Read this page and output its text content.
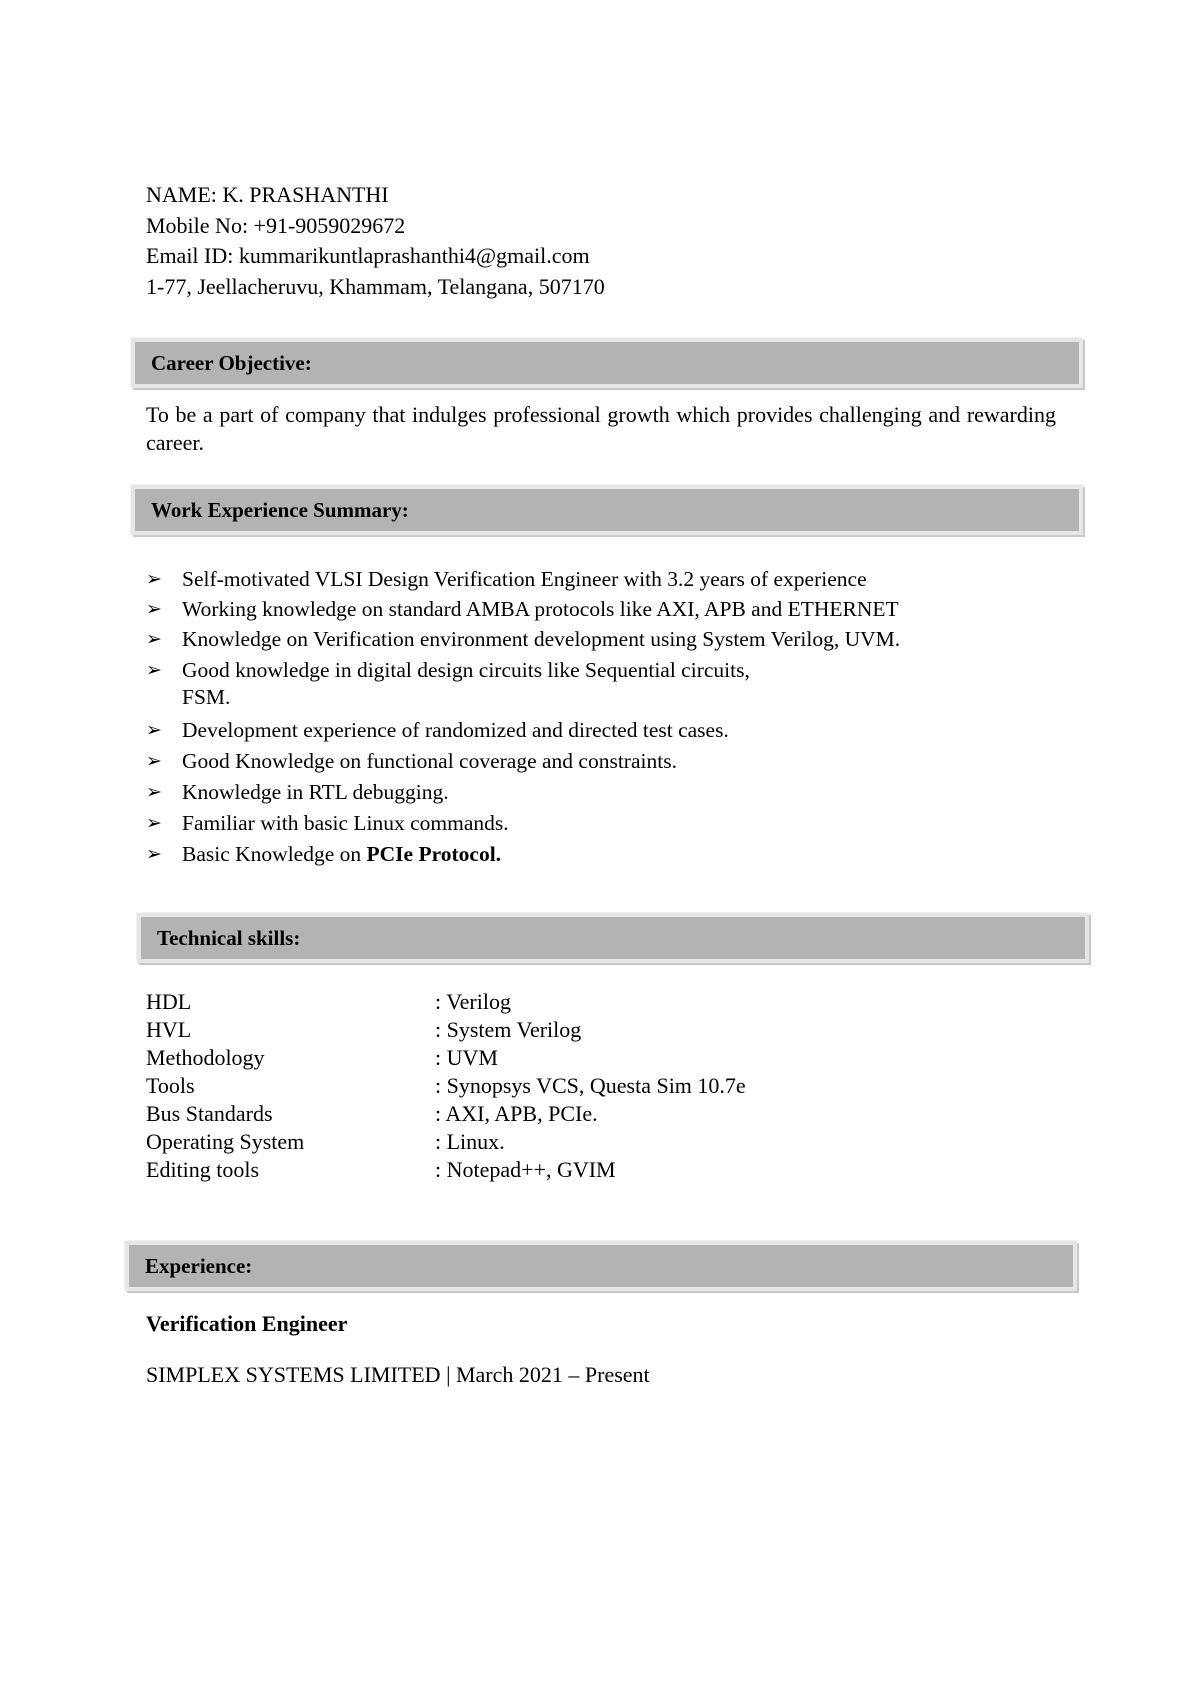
NAME: K. PRASHANTHI
Mobile No: +91-9059029672
Email ID: kummarikuntlaprashanthi4@gmail.com
1-77, Jeellacheruvu, Khammam, Telangana, 507170
Career Objective:
To be a part of company that indulges professional growth which provides challenging and rewarding career.
Work Experience Summary:
➢ Self-motivated VLSI Design Verification Engineer with 3.2 years of experience
➢ Working knowledge on standard AMBA protocols like AXI, APB and ETHERNET
➢ Knowledge on Verification environment development using System Verilog, UVM.
➢ Good knowledge in digital design circuits like Sequential circuits,
FSM.
➢ Development experience of randomized and directed test cases.
➢ Good Knowledge on functional coverage and constraints.
➢ Knowledge in RTL debugging.
➢ Familiar with basic Linux commands.
➢ Basic Knowledge on PCIe Protocol.
Technical skills:
HDL	: Verilog
HVL	: System Verilog
Methodology	: UVM
Tools	: Synopsys VCS, Questa Sim 10.7e
Bus Standards	: AXI, APB, PCIe.
Operating System	: Linux.
Editing tools	: Notepad++, GVIM
Experience:
Verification Engineer
SIMPLEX SYSTEMS LIMITED | March 2021 – Present
